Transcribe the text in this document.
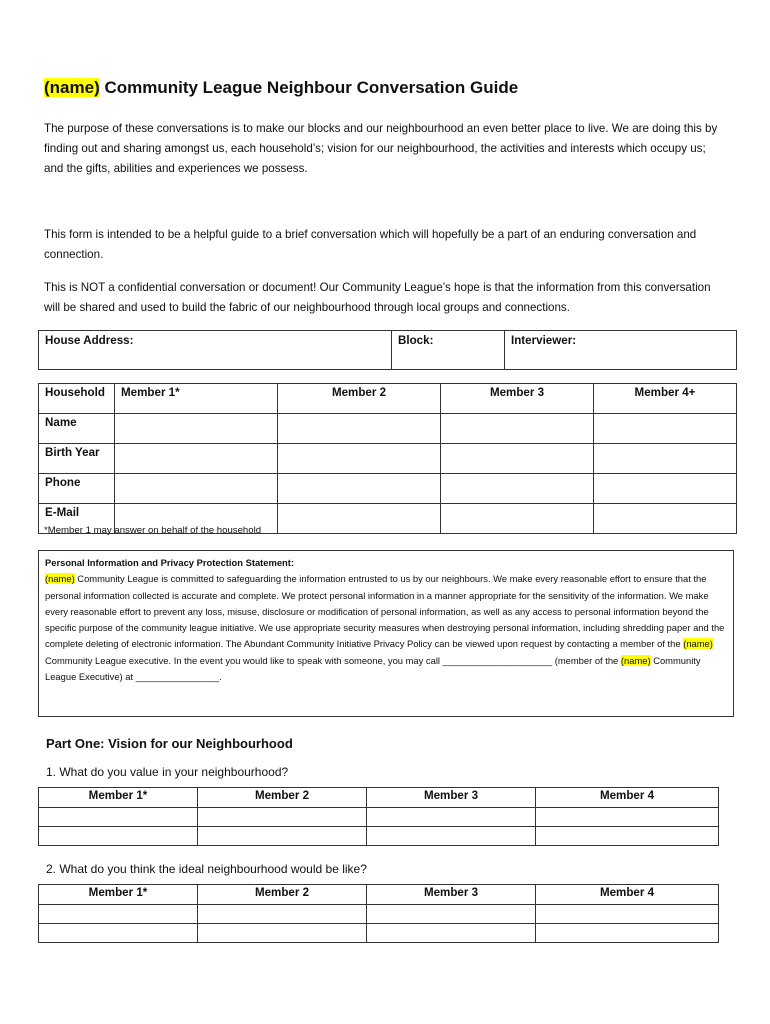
(name) Community League Neighbour Conversation Guide

The purpose of these conversations is to make our blocks and our neighbourhood an even better place to live. We are doing this by finding out and sharing amongst us, each household’s; vision for our neighbourhood, the activities and interests which occupy us; and the gifts, abilities and experiences we possess.

This form is intended to be a helpful guide to a brief conversation which will hopefully be a part of an enduring conversation and connection.

This is NOT a confidential conversation or document! Our Community League’s hope is that the information from this conversation will be shared and used to build the fabric of our neighbourhood through local groups and connections.

House Address:	Block:	Interviewer:
Household	Member 1*	Member 2	Member 3	Member 4+
Name				
Birth Year				
Phone				
E-Mail				

*Member 1 may answer on behalf of the household

Personal Information and Privacy Protection Statement:
(name) Community League is committed to safeguarding the information entrusted to us by our neighbours. We make every reasonable effort to ensure that the personal information collected is accurate and complete. We protect personal information in a manner appropriate for the sensitivity of the information. We make every reasonable effort to prevent any loss, misuse, disclosure or modification of personal information, as well as any access to personal information beyond the specific purpose of the community league initiative. We use appropriate security measures when destroying personal information, including shredding paper and the complete deleting of electronic information. The Abundant Community Initiative Privacy Policy can be viewed upon request by contacting a member of the (name) Community League executive. In the event you would like to speak with someone, you may call _____________________ (member of the (name) Community League Executive) at ________________.
Part One: Vision for our Neighbourhood

1. What do you value in your neighbourhood?

Member 1*	Member 2	Member 3	Member 4

2. What do you think the ideal neighbourhood would be like?

Member 1*	Member 2	Member 3	Member 4
